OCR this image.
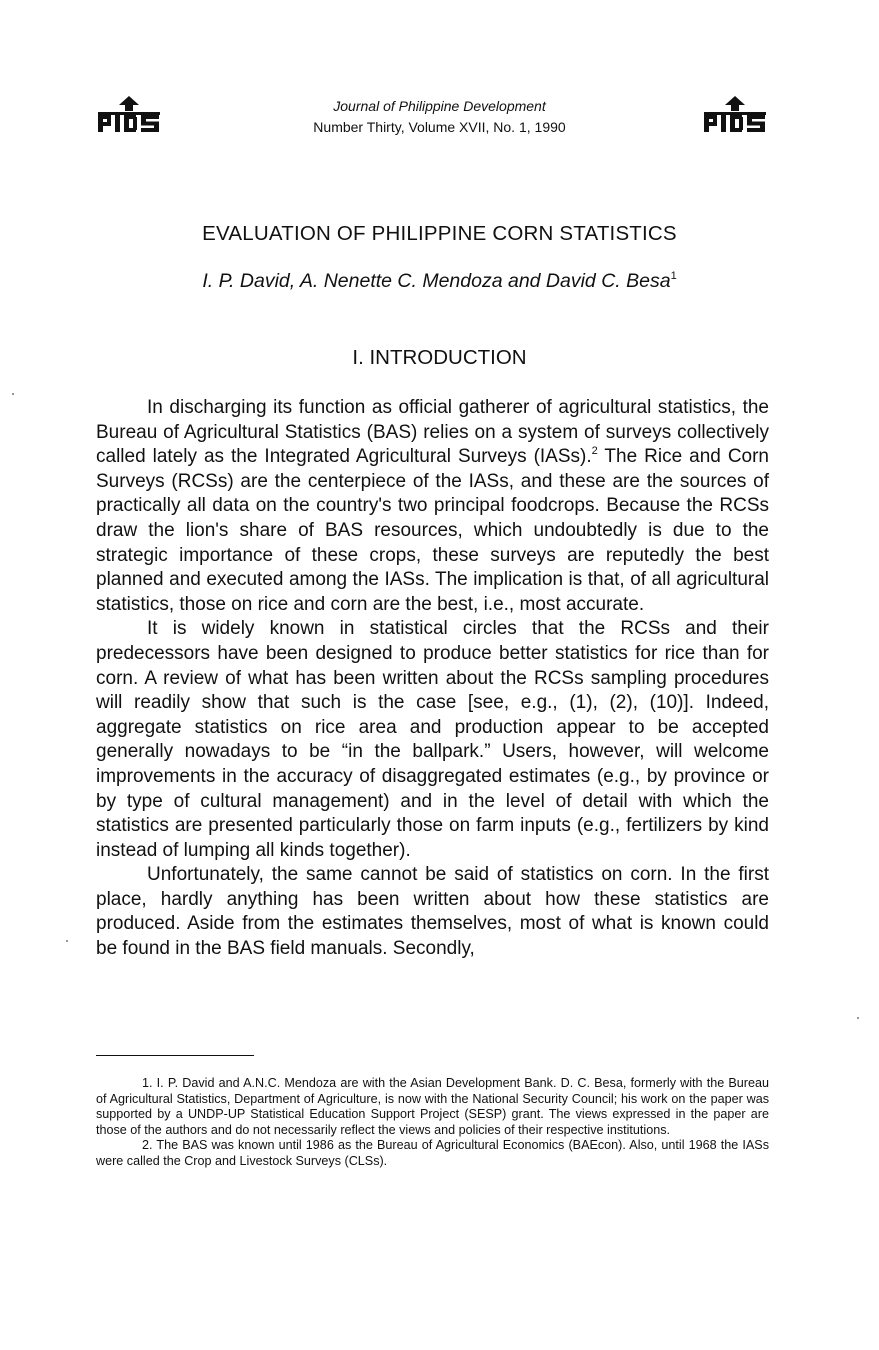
Journal of Philippine Development
Number Thirty, Volume XVII, No. 1, 1990
EVALUATION OF PHILIPPINE CORN STATISTICS
I. P. David, A. Nenette C. Mendoza and David C. Besa$^1$
I. INTRODUCTION

In discharging its function as official gatherer of agricultural statistics, the Bureau of Agricultural Statistics (BAS) relies on a system of surveys collectively called lately as the Integrated Agricultural Surveys (IASs).$^2$ The Rice and Corn Surveys (RCSs) are the centerpiece of the IASs, and these are the sources of practically all data on the country's two principal foodcrops. Because the RCSs draw the lion's share of BAS resources, which undoubtedly is due to the strategic importance of these crops, these surveys are reputedly the best planned and executed among the IASs. The implication is that, of all agricultural statistics, those on rice and corn are the best, i.e., most accurate.

It is widely known in statistical circles that the RCSs and their predecessors have been designed to produce better statistics for rice than for corn. A review of what has been written about the RCSs sampling procedures will readily show that such is the case [see, e.g., (1), (2), (10)]. Indeed, aggregate statistics on rice area and production appear to be accepted generally nowadays to be “in the ballpark.” Users, however, will welcome improvements in the accuracy of disaggregated estimates (e.g., by province or by type of cultural management) and in the level of detail with which the statistics are presented particularly those on farm inputs (e.g., fertilizers by kind instead of lumping all kinds together).

Unfortunately, the same cannot be said of statistics on corn. In the first place, hardly anything has been written about how these statistics are produced. Aside from the estimates themselves, most of what is known could be found in the BAS field manuals. Secondly,

1. I. P. David and A.N.C. Mendoza are with the Asian Development Bank. D. C. Besa, formerly with the Bureau of Agricultural Statistics, Department of Agriculture, is now with the National Security Council; his work on the paper was supported by a UNDP-UP Statistical Education Support Project (SESP) grant. The views expressed in the paper are those of the authors and do not necessarily reflect the views and policies of their respective institutions.

2. The BAS was known until 1986 as the Bureau of Agricultural Economics (BAEcon). Also, until 1968 the IASs were called the Crop and Livestock Surveys (CLSs).
